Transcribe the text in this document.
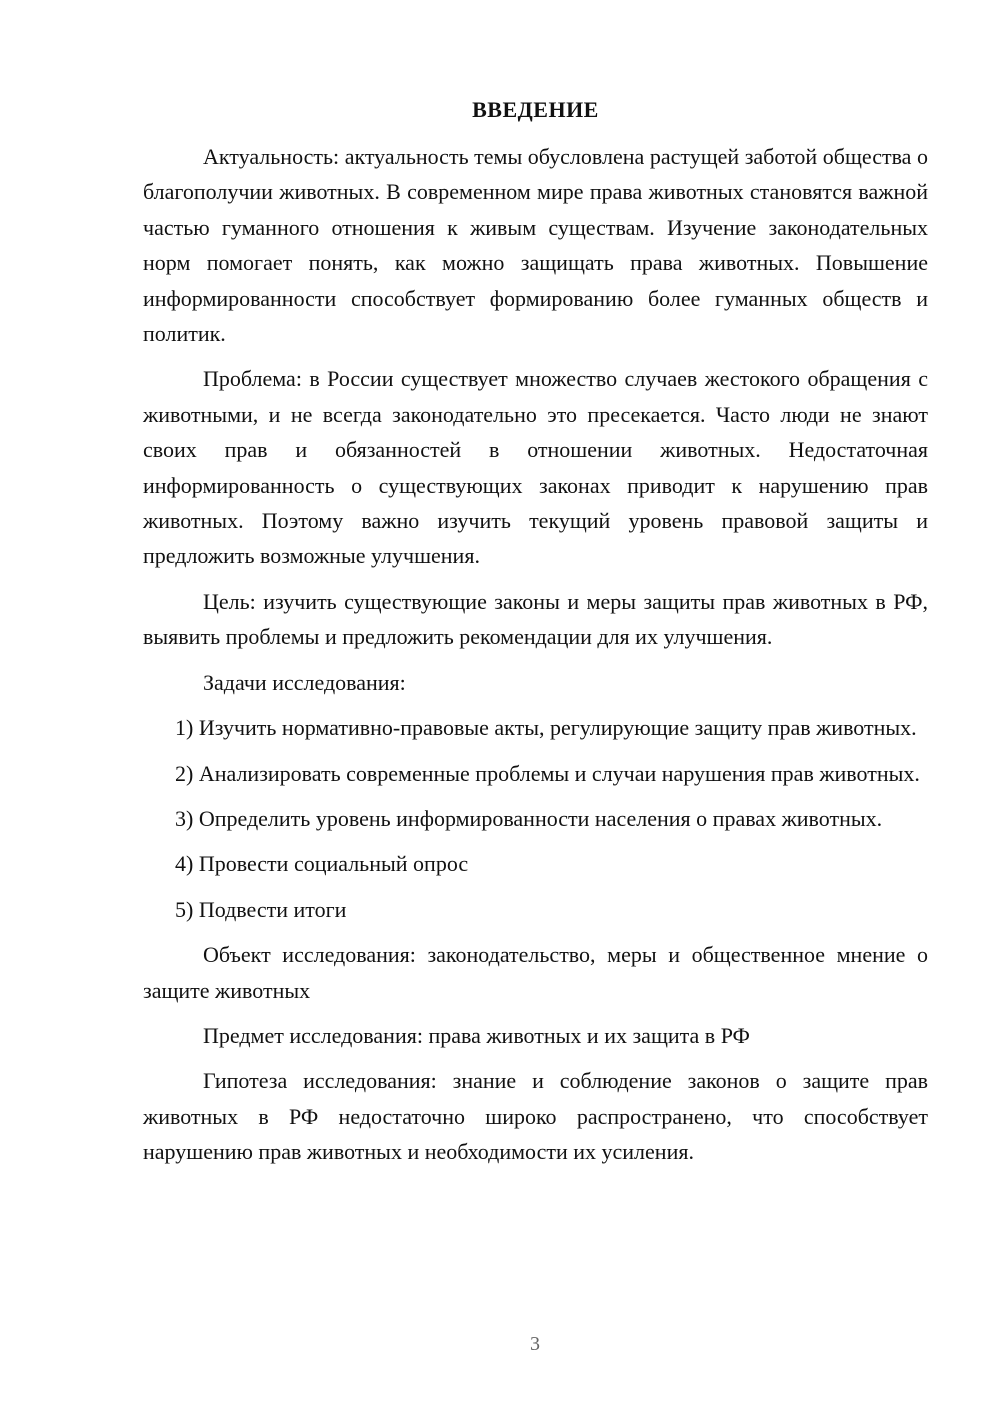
ВВЕДЕНИЕ

Актуальность: актуальность темы обусловлена растущей заботой общества о благополучии животных. В современном мире права животных становятся важной частью гуманного отношения к живым существам. Изучение законодательных норм помогает понять, как можно защищать права животных. Повышение информированности способствует формированию более гуманных обществ и политик.

Проблема: в России существует множество случаев жестокого обращения с животными, и не всегда законодательно это пресекается. Часто люди не знают своих прав и обязанностей в отношении животных. Недостаточная информированность о существующих законах приводит к нарушению прав животных. Поэтому важно изучить текущий уровень правовой защиты и предложить возможные улучшения.

Цель: изучить существующие законы и меры защиты прав животных в РФ, выявить проблемы и предложить рекомендации для их улучшения.

Задачи исследования:

1) Изучить нормативно-правовые акты, регулирующие защиту прав животных.

2) Анализировать современные проблемы и случаи нарушения прав животных.

3) Определить уровень информированности населения о правах животных.

4) Провести социальный опрос

5) Подвести итоги

Объект исследования: законодательство, меры и общественное мнение о защите животных

Предмет исследования: права животных и их защита в РФ

Гипотеза исследования: знание и соблюдение законов о защите прав животных в РФ недостаточно широко распространено, что способствует нарушению прав животных и необходимости их усиления.

3
